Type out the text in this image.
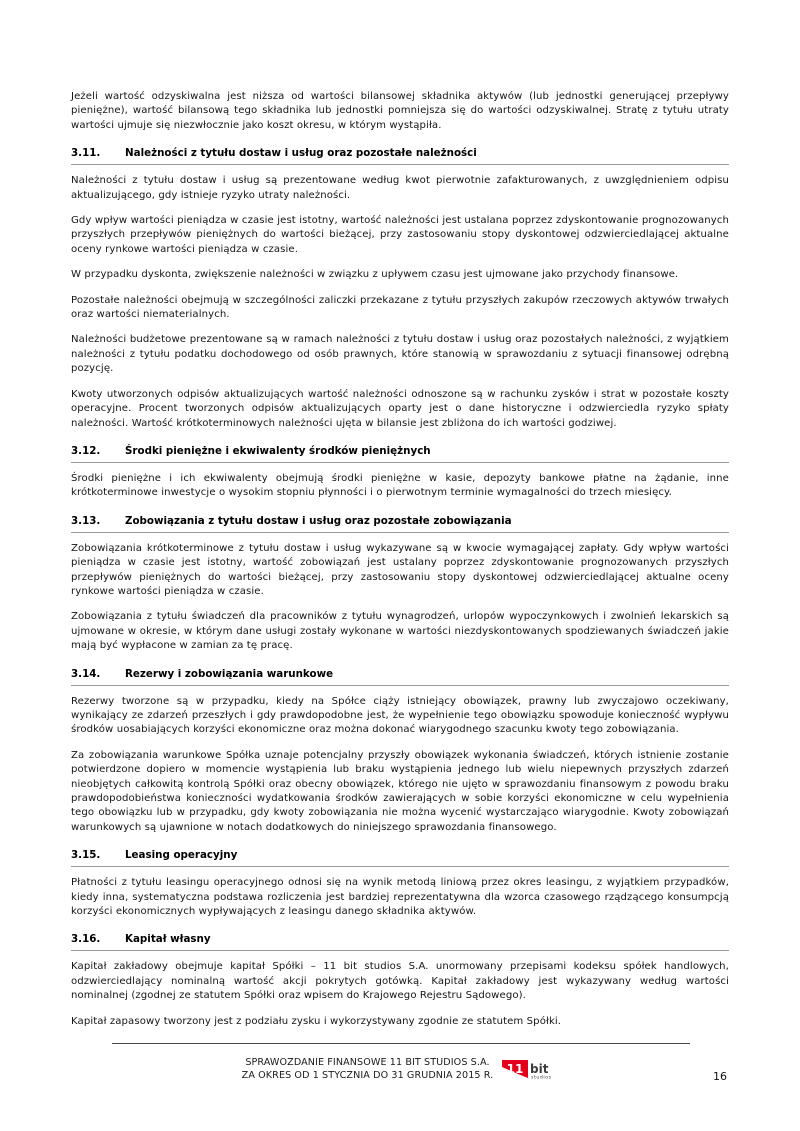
Jeżeli wartość odzyskiwalna jest niższa od wartości bilansowej składnika aktywów (lub jednostki generującej przepływy pieniężne), wartość bilansową tego składnika lub jednostki pomniejsza się do wartości odzyskiwalnej. Stratę z tytułu utraty wartości ujmuje się niezwłocznie jako koszt okresu, w którym wystąpiła.

3.11.	Należności z tytułu dostaw i usług oraz pozostałe należności

Należności z tytułu dostaw i usług są prezentowane według kwot pierwotnie zafakturowanych, z uwzględnieniem odpisu aktualizującego, gdy istnieje ryzyko utraty należności.

Gdy wpływ wartości pieniądza w czasie jest istotny, wartość należności jest ustalana poprzez zdyskontowanie prognozowanych przyszłych przepływów pieniężnych do wartości bieżącej, przy zastosowaniu stopy dyskontowej odzwierciedlającej aktualne oceny rynkowe wartości pieniądza w czasie.

W przypadku dyskonta, zwiększenie należności w związku z upływem czasu jest ujmowane jako przychody finansowe.

Pozostałe należności obejmują w szczególności zaliczki przekazane z tytułu przyszłych zakupów rzeczowych aktywów trwałych oraz wartości niematerialnych.

Należności budżetowe prezentowane są w ramach należności z tytułu dostaw i usług oraz pozostałych należności, z wyjątkiem należności z tytułu podatku dochodowego od osób prawnych, które stanowią w sprawozdaniu z sytuacji finansowej odrębną pozycję.

Kwoty utworzonych odpisów aktualizujących wartość należności odnoszone są w rachunku zysków i strat w pozostałe koszty operacyjne. Procent tworzonych odpisów aktualizujących oparty jest o dane historyczne i odzwierciedla ryzyko spłaty należności. Wartość krótkoterminowych należności ujęta w bilansie jest zbliżona do ich wartości godziwej.

3.12.	Środki pieniężne i ekwiwalenty środków pieniężnych

Środki pieniężne i ich ekwiwalenty obejmują środki pieniężne w kasie, depozyty bankowe płatne na żądanie, inne krótkoterminowe inwestycje o wysokim stopniu płynności i o pierwotnym terminie wymagalności do trzech miesięcy.

3.13.	Zobowiązania z tytułu dostaw i usług oraz pozostałe zobowiązania

Zobowiązania krótkoterminowe z tytułu dostaw i usług wykazywane są w kwocie wymagającej zapłaty. Gdy wpływ wartości pieniądza w czasie jest istotny, wartość zobowiązań jest ustalany poprzez zdyskontowanie prognozowanych przyszłych przepływów pieniężnych do wartości bieżącej, przy zastosowaniu stopy dyskontowej odzwierciedlającej aktualne oceny rynkowe wartości pieniądza w czasie.

Zobowiązania z tytułu świadczeń dla pracowników z tytułu wynagrodzeń, urlopów wypoczynkowych i zwolnień lekarskich są ujmowane w okresie, w którym dane usługi zostały wykonane w wartości niezdyskontowanych spodziewanych świadczeń jakie mają być wypłacone w zamian za tę pracę.

3.14.	Rezerwy i zobowiązania warunkowe

Rezerwy tworzone są w przypadku, kiedy na Spółce ciąży istniejący obowiązek, prawny lub zwyczajowo oczekiwany, wynikający ze zdarzeń przeszłych i gdy prawdopodobne jest, że wypełnienie tego obowiązku spowoduje konieczność wypływu środków uosabiających korzyści ekonomiczne oraz można dokonać wiarygodnego szacunku kwoty tego zobowiązania.

Za zobowiązania warunkowe Spółka uznaje potencjalny przyszły obowiązek wykonania świadczeń, których istnienie zostanie potwierdzone dopiero w momencie wystąpienia lub braku wystąpienia jednego lub wielu niepewnych przyszłych zdarzeń nieobjętych całkowitą kontrolą Spółki oraz obecny obowiązek, którego nie ujęto w sprawozdaniu finansowym z powodu braku prawdopodobieństwa konieczności wydatkowania środków zawierających w sobie korzyści ekonomiczne w celu wypełnienia tego obowiązku lub w przypadku, gdy kwoty zobowiązania nie można wycenić wystarczająco wiarygodnie. Kwoty zobowiązań warunkowych są ujawnione w notach dodatkowych do niniejszego sprawozdania finansowego.

3.15.	Leasing operacyjny

Płatności z tytułu leasingu operacyjnego odnosi się na wynik metodą liniową przez okres leasingu, z wyjątkiem przypadków, kiedy inna, systematyczna podstawa rozliczenia jest bardziej reprezentatywna dla wzorca czasowego rządzącego konsumpcją korzyści ekonomicznych wypływających z leasingu danego składnika aktywów.

3.16.	Kapitał własny

Kapitał zakładowy obejmuje kapitał Spółki – 11 bit studios S.A. unormowany przepisami kodeksu spółek handlowych, odzwierciedlający nominalną wartość akcji pokrytych gotówką. Kapitał zakładowy jest wykazywany według wartości nominalnej (zgodnej ze statutem Spółki oraz wpisem do Krajowego Rejestru Sądowego).

Kapitał zapasowy tworzony jest z podziału zysku i wykorzystywany zgodnie ze statutem Spółki.

SPRAWOZDANIE FINANSOWE 11 BIT STUDIOS S.A.
ZA OKRES OD 1 STYCZNIA DO 31 GRUDNIA 2015 R. 11 bit
studios	16
